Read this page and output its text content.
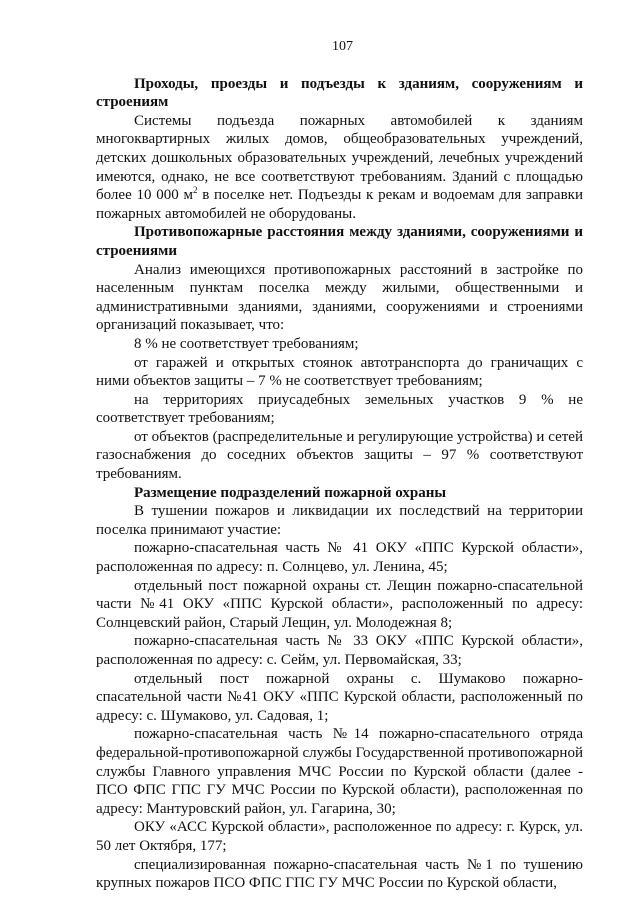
107

Проходы, проезды и подъезды к зданиям, сооружениям и строениям

Системы подъезда пожарных автомобилей к зданиям многоквартирных жилых домов, общеобразовательных учреждений, детских дошкольных образовательных учреждений, лечебных учреждений имеются, однако, не все соответствуют требованиям. Зданий с площадью более 10 000 $м^2$ в поселке нет. Подъезды к рекам и водоемам для заправки пожарных автомобилей не оборудованы.

Противопожарные расстояния между зданиями, сооружениями и строениями

Анализ имеющихся противопожарных расстояний в застройке по населенным пунктам поселка между жилыми, общественными и административными зданиями, зданиями, сооружениями и строениями организаций показывает, что:

8 % не соответствует требованиям;

от гаражей и открытых стоянок автотранспорта до граничащих с ними объектов защиты – 7 % не соответствует требованиям;

на территориях приусадебных земельных участков 9 % не соответствует требованиям;

от объектов (распределительные и регулирующие устройства) и сетей газоснабжения до соседних объектов защиты – 97 % соответствуют требованиям.

Размещение подразделений пожарной охраны

В тушении пожаров и ликвидации их последствий на территории поселка принимают участие:

пожарно-спасательная часть № 41 ОКУ «ППС Курской области», расположенная по адресу: п. Солнцево, ул. Ленина, 45;

отдельный пост пожарной охраны ст. Лещин пожарно-спасательной части №41 ОКУ «ППС Курской области», расположенный по адресу: Солнцевский район, Старый Лещин, ул. Молодежная 8;

пожарно-спасательная часть № 33 ОКУ «ППС Курской области», расположенная по адресу: с. Сейм, ул. Первомайская, 33;

отдельный пост пожарной охраны с. Шумаково пожарно-спасательной части №41 ОКУ «ППС Курской области, расположенный по адресу: с. Шумаково, ул. Садовая, 1;

пожарно-спасательная часть №14 пожарно-спасательного отряда федеральной-противопожарной службы Государственной противопожарной службы Главного управления МЧС России по Курской области (далее - ПСО ФПС ГПС ГУ МЧС России по Курской области), расположенная по адресу: Мантуровский район, ул. Гагарина, 30;

ОКУ «АСС Курской области», расположенное по адресу: г. Курск, ул. 50 лет Октября, 177;

специализированная пожарно-спасательная часть №1 по тушению крупных пожаров ПСО ФПС ГПС ГУ МЧС России по Курской области,
